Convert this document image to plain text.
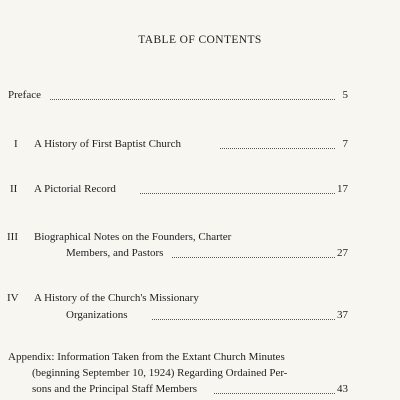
TABLE OF CONTENTS
Preface	5
I A History of First Baptist Church	7
II A Pictorial Record	17
III Biographical Notes on the Founders, Charter
Members, and Pastors	27
IV A History of the Church's Missionary
Organizations	37
Appendix: Information Taken from the Extant Church Minutes
(beginning September 10, 1924) Regarding Ordained Per-
sons and the Principal Staff Members	43
